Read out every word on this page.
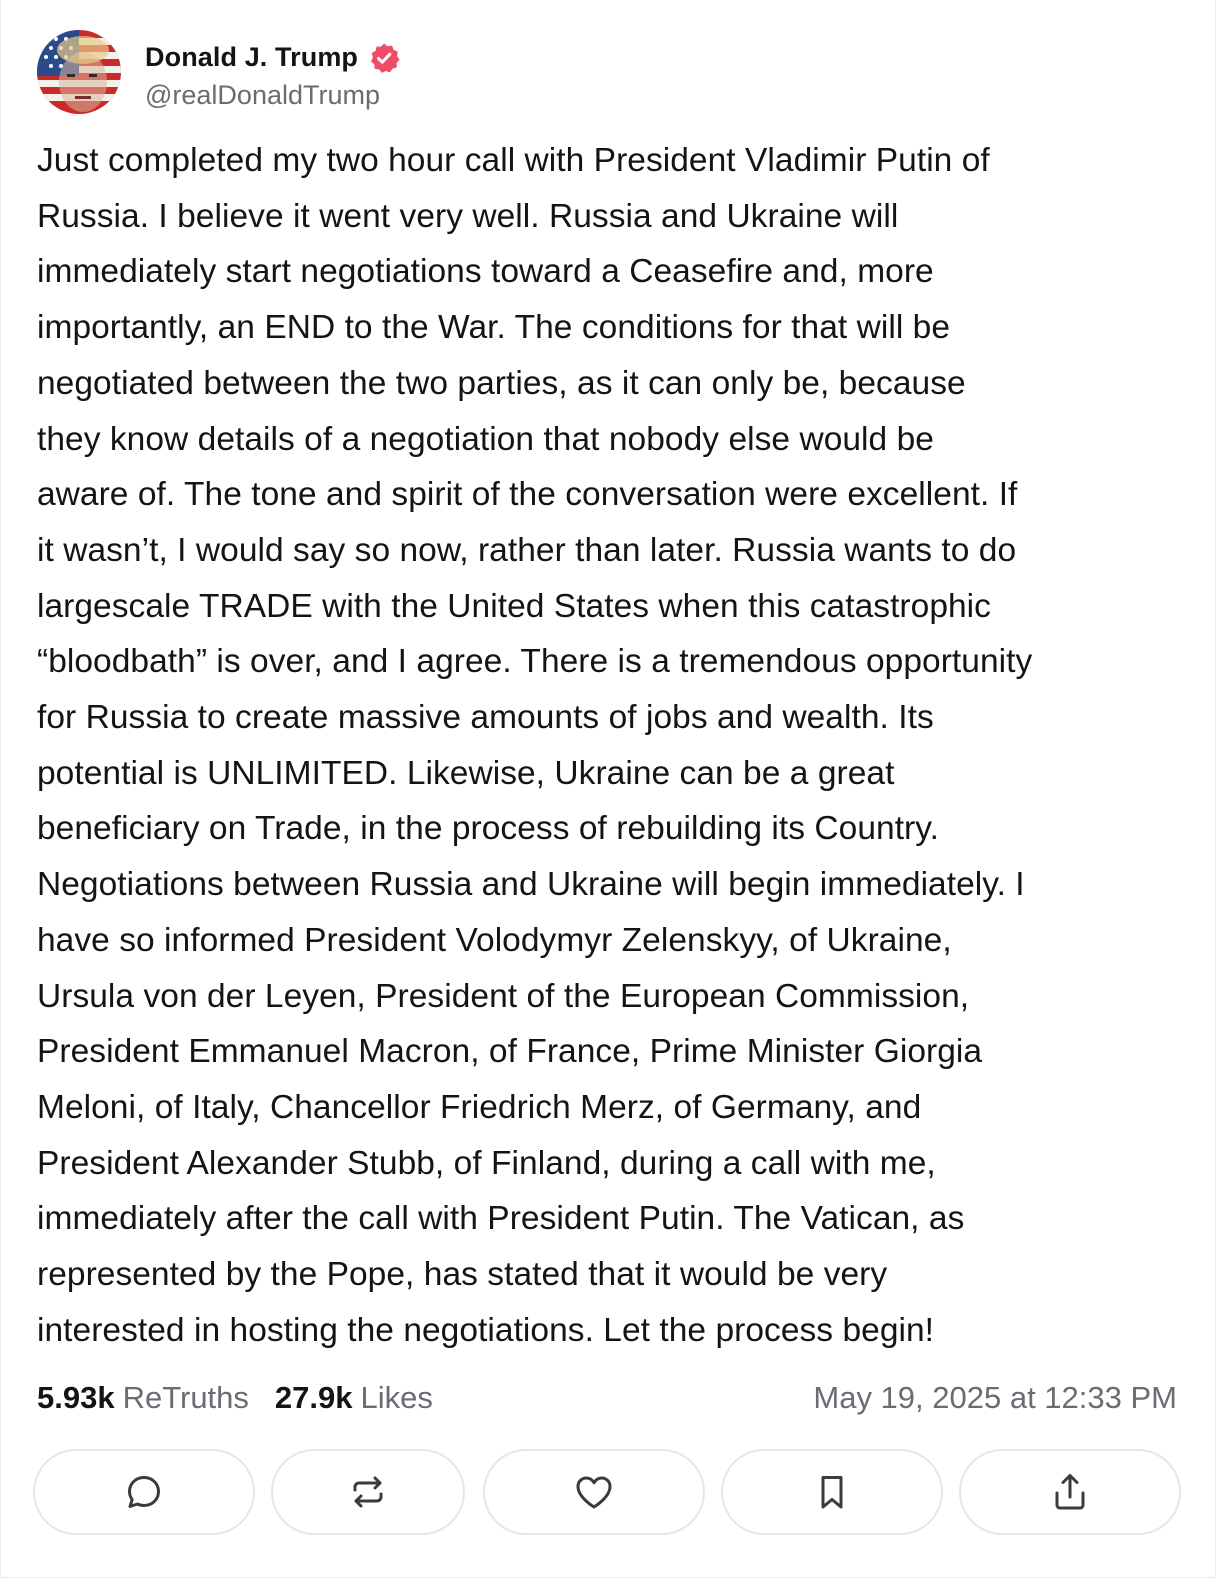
Donald J. Trump
@realDonaldTrump
Just completed my two hour call with President Vladimir Putin of
Russia. I believe it went very well. Russia and Ukraine will
immediately start negotiations toward a Ceasefire and, more
importantly, an END to the War. The conditions for that will be
negotiated between the two parties, as it can only be, because
they know details of a negotiation that nobody else would be
aware of. The tone and spirit of the conversation were excellent. If
it wasn’t, I would say so now, rather than later. Russia wants to do
largescale TRADE with the United States when this catastrophic
“bloodbath” is over, and I agree. There is a tremendous opportunity
for Russia to create massive amounts of jobs and wealth. Its
potential is UNLIMITED. Likewise, Ukraine can be a great
beneficiary on Trade, in the process of rebuilding its Country.
Negotiations between Russia and Ukraine will begin immediately. I
have so informed President Volodymyr Zelenskyy, of Ukraine,
Ursula von der Leyen, President of the European Commission,
President Emmanuel Macron, of France, Prime Minister Giorgia
Meloni, of Italy, Chancellor Friedrich Merz, of Germany, and
President Alexander Stubb, of Finland, during a call with me,
immediately after the call with President Putin. The Vatican, as
represented by the Pope, has stated that it would be very
interested in hosting the negotiations. Let the process begin!
5.93k ReTruths 27.9k Likes	May 19, 2025 at 12:33 PM
